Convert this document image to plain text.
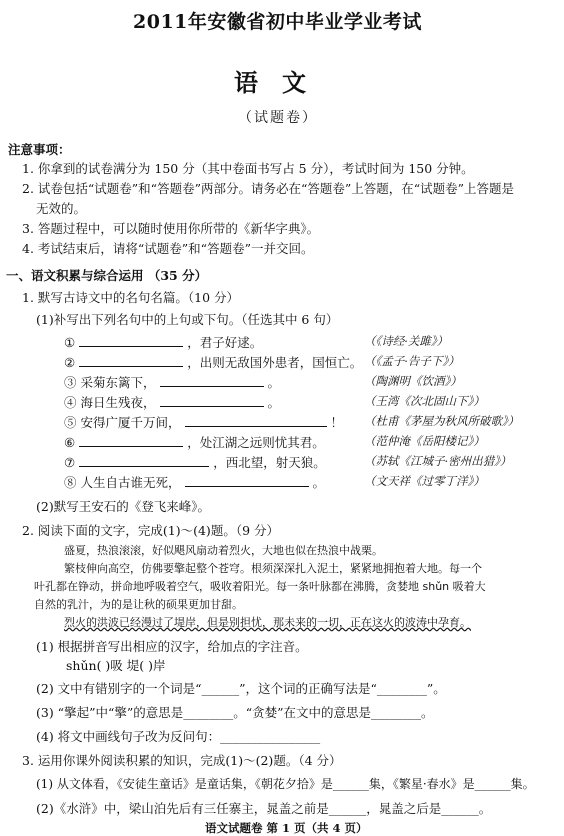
2011年安徽省初中毕业学业考试
语文
（试题卷）
注意事项：
1. 你拿到的试卷满分为 150 分（其中卷面书写占 5 分），考试时间为 150 分钟。
2. 试卷包括“试题卷”和“答题卷”两部分。请务必在“答题卷”上答题，在“试题卷”上答题是
无效的。
3. 答题过程中，可以随时使用你所带的《新华字典》。
4. 考试结束后，请将“试题卷”和“答题卷”一并交回。
一、语文积累与综合运用 （35 分）
1. 默写古诗文中的名句名篇。（10 分）
(1)补写出下列名句中的上句或下句。（任选其中 6 句）
①	，君子好逑。	（《诗经·关雎》）
②	，出则无敌国外患者，国恒亡。 （《孟子·告子下》）
③ 采菊东篱下，	。	（陶渊明《饮酒》）
④ 海日生残夜，	。	（王湾《次北固山下》）
⑤ 安得广厦千万间，	！ （杜甫《茅屋为秋风所破歌》）
⑥	，处江湖之远则忧其君。	（范仲淹《岳阳楼记》）
⑦	，西北望，射天狼。	（苏轼《江城子·密州出猎》）
⑧ 人生自古谁无死，	。	（文天祥《过零丁洋》）
(2)默写王安石的《登飞来峰》。
2. 阅读下面的文字，完成(1)～(4)题。（9 分）
盛夏，热浪滚滚，好似飓风扇动着烈火，大地也似在热浪中战栗。
繁枝伸向高空，仿佛要擎起整个苍穹。根须深深扎入泥土，紧紧地拥抱着大地。每一个
叶孔都在铮动，拼命地呼吸着空气，吸收着阳光。每一条叶脉都在沸腾，贪婪地 shǔn 吸着大
自然的乳汁，为的是让秋的硕果更加甘甜。
烈火的洪波已经漫过了堤岸，但是别担忧，那未来的一切，正在这火的波涛中孕育。
(1) 根据拼音写出相应的汉字，给加点的字注音。
shǔn( )吸 堤( )岸
(2) 文中有错别字的一个词是“______”，这个词的正确写法是“________”。
(3) “擎起”中“擎”的意思是________。“贪婪”在文中的意思是________。
(4) 将文中画线句子改为反问句：________________
3. 运用你课外阅读积累的知识，完成(1)～(2)题。（4 分）
(1) 从文体看，《安徒生童话》是童话集，《朝花夕拾》是______集，《繁星·春水》是______集。
(2)《水浒》中，梁山泊先后有三任寨主，晁盖之前是______，晁盖之后是______。
语文试题卷 第 1 页（共 4 页）
